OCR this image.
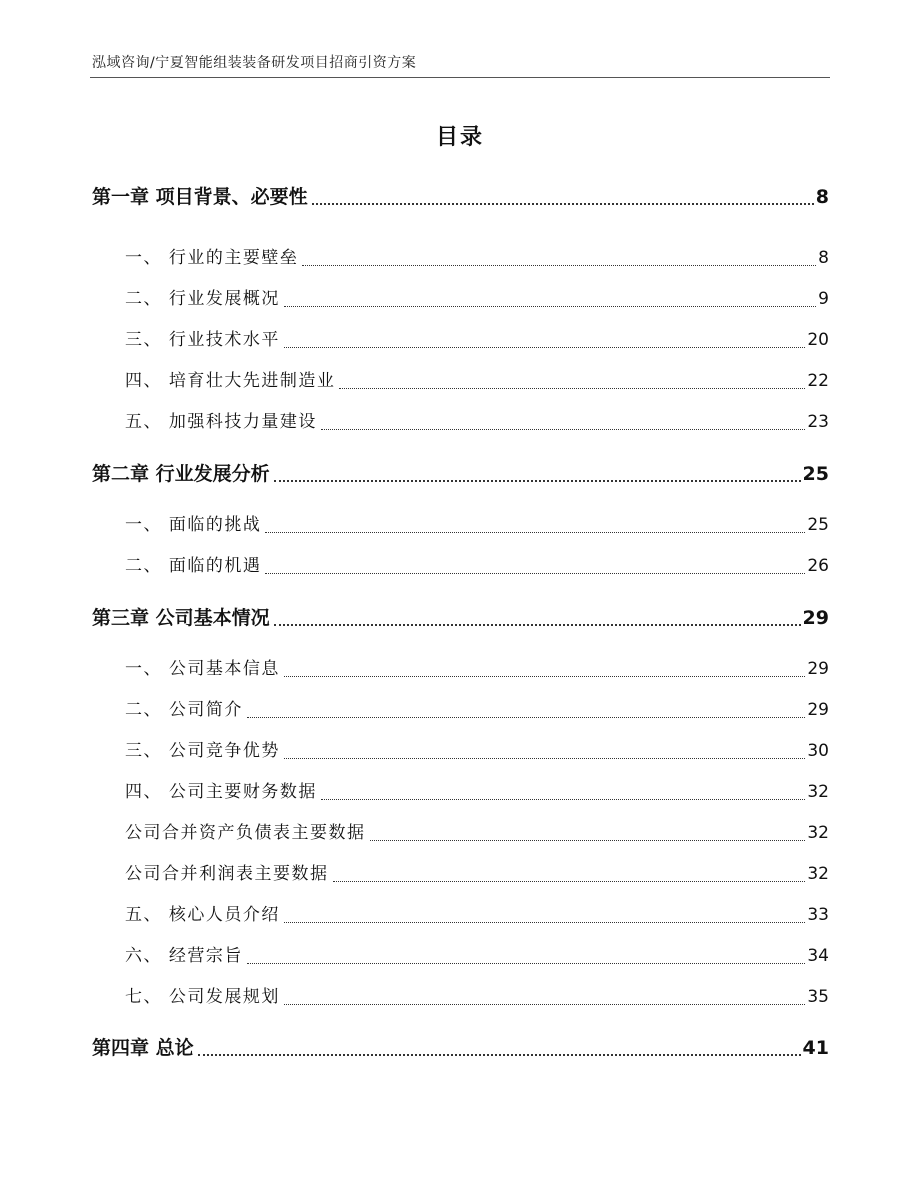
泓域咨询/宁夏智能组装装备研发项目招商引资方案
目录
第一章 项目背景、必要性	8
一、 行业的主要壁垒	8
二、 行业发展概况	9
三、 行业技术水平	20
四、 培育壮大先进制造业	22
五、 加强科技力量建设	23
第二章 行业发展分析	25
一、 面临的挑战	25
二、 面临的机遇	26
第三章 公司基本情况	29
一、 公司基本信息	29
二、 公司简介	29
三、 公司竞争优势	30
四、 公司主要财务数据	32
公司合并资产负债表主要数据	32
公司合并利润表主要数据	32
五、 核心人员介绍	33
六、 经营宗旨	34
七、 公司发展规划	35
第四章 总论	41
